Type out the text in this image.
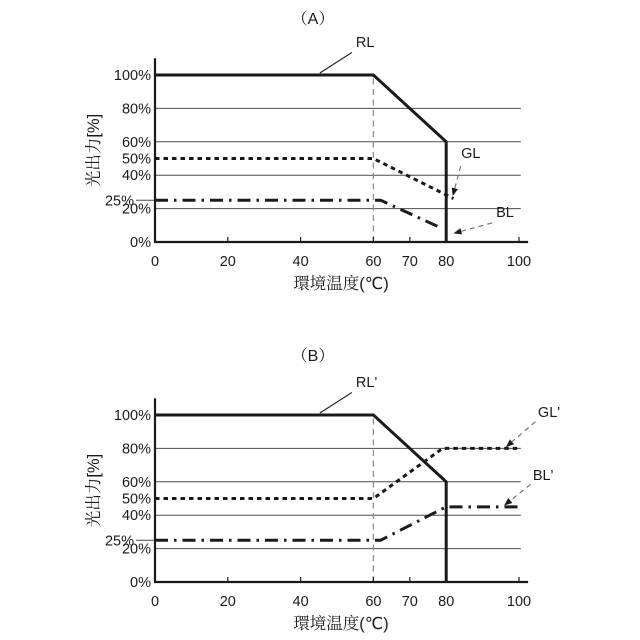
0	20	40	60 70 80	100
0%
20%
25%
40%
50%
60%
80%
100%
（A）
環境温度(℃)
光出力[%]
RL
GL
BL
0	20	40	60 70 80	100
0%
20%
25%
40%
50%
60%
80%
100%
（B）
環境温度(℃)
光出力[%]
RL'
GL'
BL'
